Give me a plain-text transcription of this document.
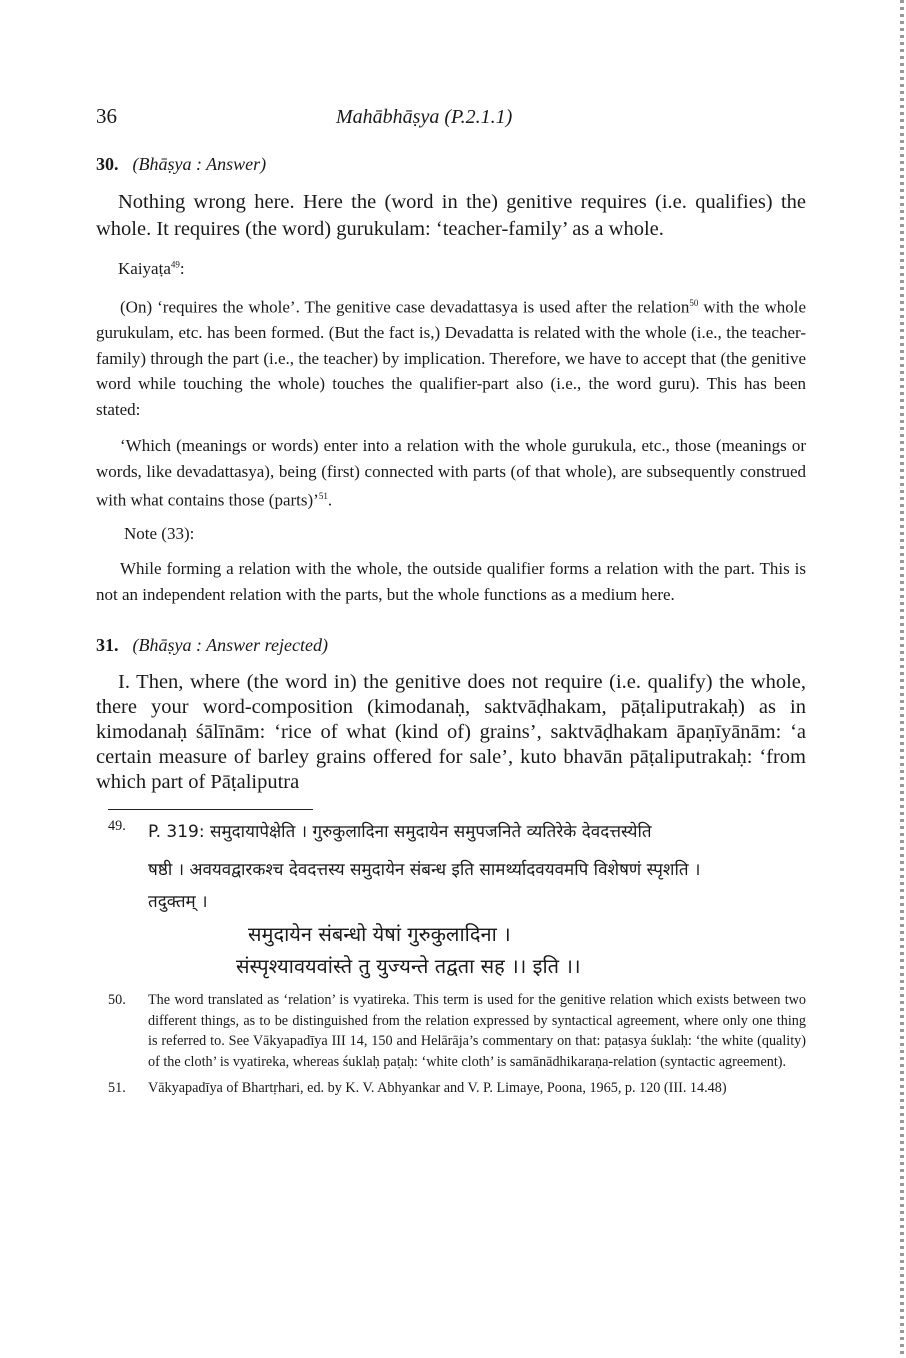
36	Mahābhāṣya (P.2.1.1)
30. (Bhāṣya : Answer)

Nothing wrong here. Here the (word in the) genitive requires (i.e. qualifies) the whole. It requires (the word) gurukulam: ‘teacher-family’ as a whole.

Kaiyaṭa$^{49}$:

(On) ‘requires the whole’. The genitive case devadattasya is used after the relation$^{50}$ with the whole gurukulam, etc. has been formed. (But the fact is,) Devadatta is related with the whole (i.e., the teacher-family) through the part (i.e., the teacher) by implication. Therefore, we have to accept that (the genitive word while touching the whole) touches the qualifier-part also (i.e., the word guru). This has been stated:

‘Which (meanings or words) enter into a relation with the whole gurukula, etc., those (meanings or words, like devadattasya), being (first) connected with parts (of that whole), are subsequently construed with what contains those (parts)’$^{51}$.

Note (33):

While forming a relation with the whole, the outside qualifier forms a relation with the part. This is not an independent relation with the parts, but the whole functions as a medium here.

31. (Bhāṣya : Answer rejected)

I. Then, where (the word in) the genitive does not require (i.e. qualify) the whole, there your word-composition (kimodanaḥ, saktvāḍhakam, pāṭaliputrakaḥ) as in kimodanaḥ śālīnām: ‘rice of what (kind of) grains’, saktvāḍhakam āpaṇīyānām: ‘a certain measure of barley grains offered for sale’, kuto bhavān pāṭaliputrakaḥ: ‘from which part of Pāṭaliputra

49.	P. 319: समुदायापेक्षेति । गुरुकुलादिना समुदायेन समुपजनिते व्यतिरेके देवदत्तस्येति
षष्ठी । अवयवद्वारकश्च देवदत्तस्य समुदायेन संबन्ध इति सामर्थ्यादवयवमपि विशेषणं स्पृशति ।
तदुक्तम् ।
समुदायेन संबन्धो येषां गुरुकुलादिना ।
संस्पृश्यावयवांस्ते तु युज्यन्ते तद्वता सह ।। इति ।।
50.	The word translated as ‘relation’ is vyatireka. This term is used for the genitive relation which exists between two different things, as to be distinguished from the relation expressed by syntactical agreement, where only one thing is referred to. See Vākyapadīya III 14, 150 and Helārāja’s commentary on that: paṭasya śuklaḥ: ‘the white (quality) of the cloth’ is vyatireka, whereas śuklaḥ paṭaḥ: ‘white cloth’ is samānādhikaraṇa-relation (syntactic agreement).
51.	Vākyapadīya of Bhartṛhari, ed. by K. V. Abhyankar and V. P. Limaye, Poona, 1965, p. 120 (III. 14.48)
